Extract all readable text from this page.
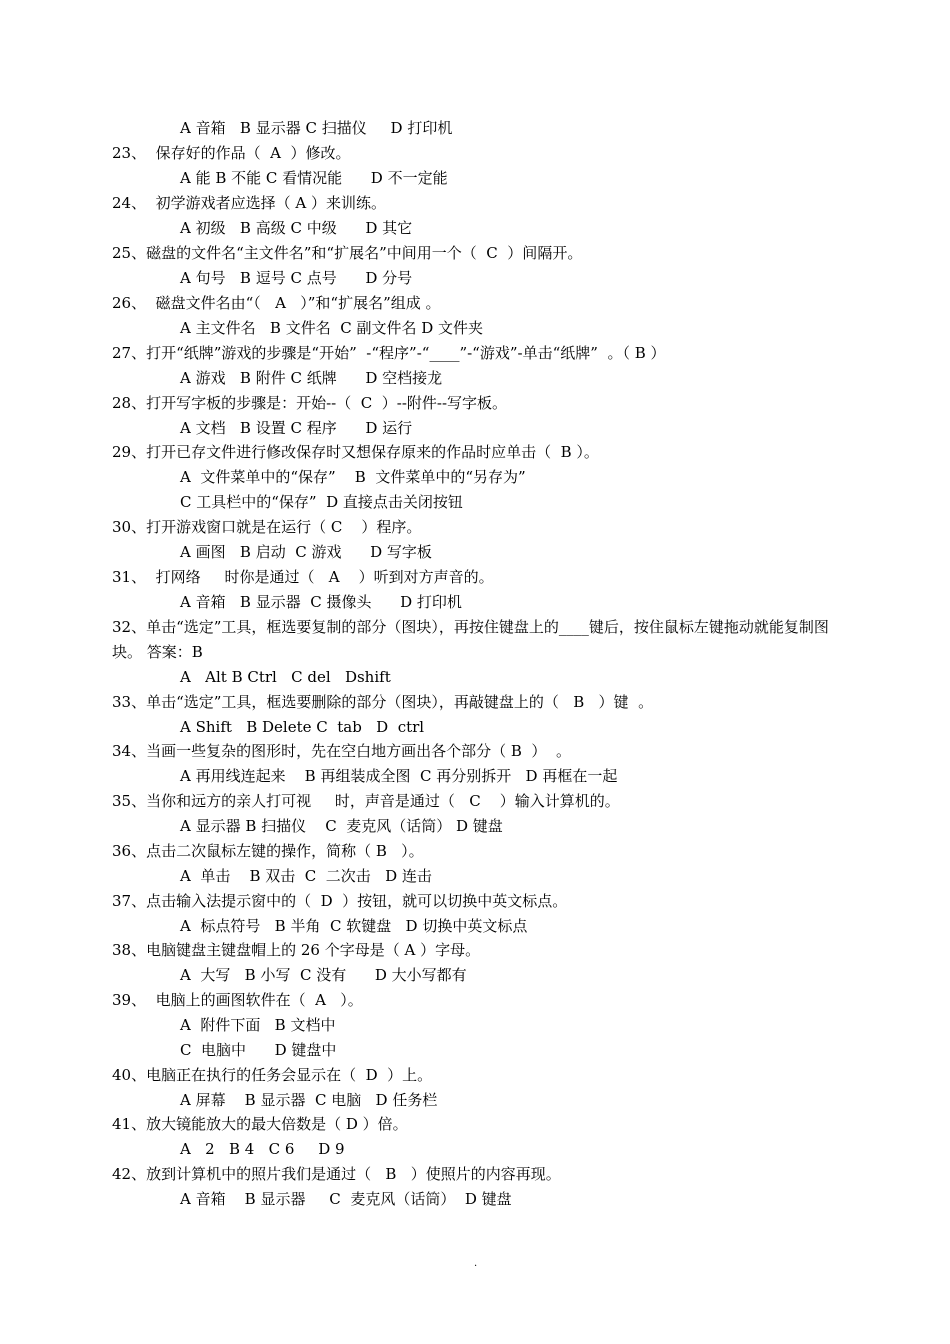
A 音箱   B 显示器 C 扫描仪     D 打印机
23、  保存好的作品（  A  ）修改。
A 能 B 不能 C 看情况能      D 不一定能
24、  初学游戏者应选择（ A ）来训练。
A 初级   B 高级 C 中级      D 其它
25、磁盘的文件名“主文件名”和“扩展名”中间用一个（  C  ）间隔开。
A 句号   B 逗号 C 点号      D 分号
26、  磁盘文件名由“（   A   ）”和“扩展名”组成 。
A 主文件名   B 文件名  C 副文件名 D 文件夹
27、打开“纸牌”游戏的步骤是“开始”  -“程序”-“____”-“游戏”-单击“纸牌”  。（ B ）
A 游戏   B 附件 C 纸牌      D 空档接龙
28、打开写字板的步骤是：开始--（  C  ）--附件--写字板。
A 文档   B 设置 C 程序      D 运行
29、打开已存文件进行修改保存时又想保存原来的作品时应单击（  B ）。
A  文件菜单中的“保存”    B  文件菜单中的“另存为”
C 工具栏中的“保存”  D 直接点击关闭按钮
30、打开游戏窗口就是在运行（ C    ）程序。
A 画图   B 启动  C 游戏      D 写字板
31、  打网络     时你是通过（   A    ）听到对方声音的。
A 音箱   B 显示器  C 摄像头      D 打印机
32、单击“选定”工具，框选要复制的部分（图块），再按住键盘上的____键后，按住鼠标左键拖动就能复制图块。 答案：B
A   Alt B Ctrl   C del   Dshift
33、单击“选定”工具，框选要删除的部分（图块），再敲键盘上的（   B   ）键  。
A Shift   B Delete C  tab   D  ctrl
34、当画一些复杂的图形时，先在空白地方画出各个部分（ B  ）  。
A 再用线连起来    B 再组装成全图  C 再分别拆开   D 再框在一起
35、当你和远方的亲人打可视     时，声音是通过（   C    ）输入计算机的。
A 显示器 B 扫描仪    C  麦克风（话筒） D 键盘
36、点击二次鼠标左键的操作，简称（ B   ）。
A  单击    B 双击  C  二次击   D 连击
37、点击输入法提示窗中的（  D  ）按钮，就可以切换中英文标点。
A  标点符号   B 半角  C 软键盘   D 切换中英文标点
38、电脑键盘主键盘帽上的 26 个字母是（ A ）字母。
A  大写   B 小写  C 没有      D 大小写都有
39、  电脑上的画图软件在（  A   ）。
A  附件下面   B 文档中
C  电脑中      D 键盘中
40、电脑正在执行的任务会显示在（  D  ）上。
A 屏幕    B 显示器  C 电脑   D 任务栏
41、放大镜能放大的最大倍数是（ D ）倍。
A   2   B 4   C 6     D 9
42、放到计算机中的照片我们是通过（   B   ）使照片的内容再现。
A 音箱    B 显示器     C  麦克风（话筒）  D 键盘
.
